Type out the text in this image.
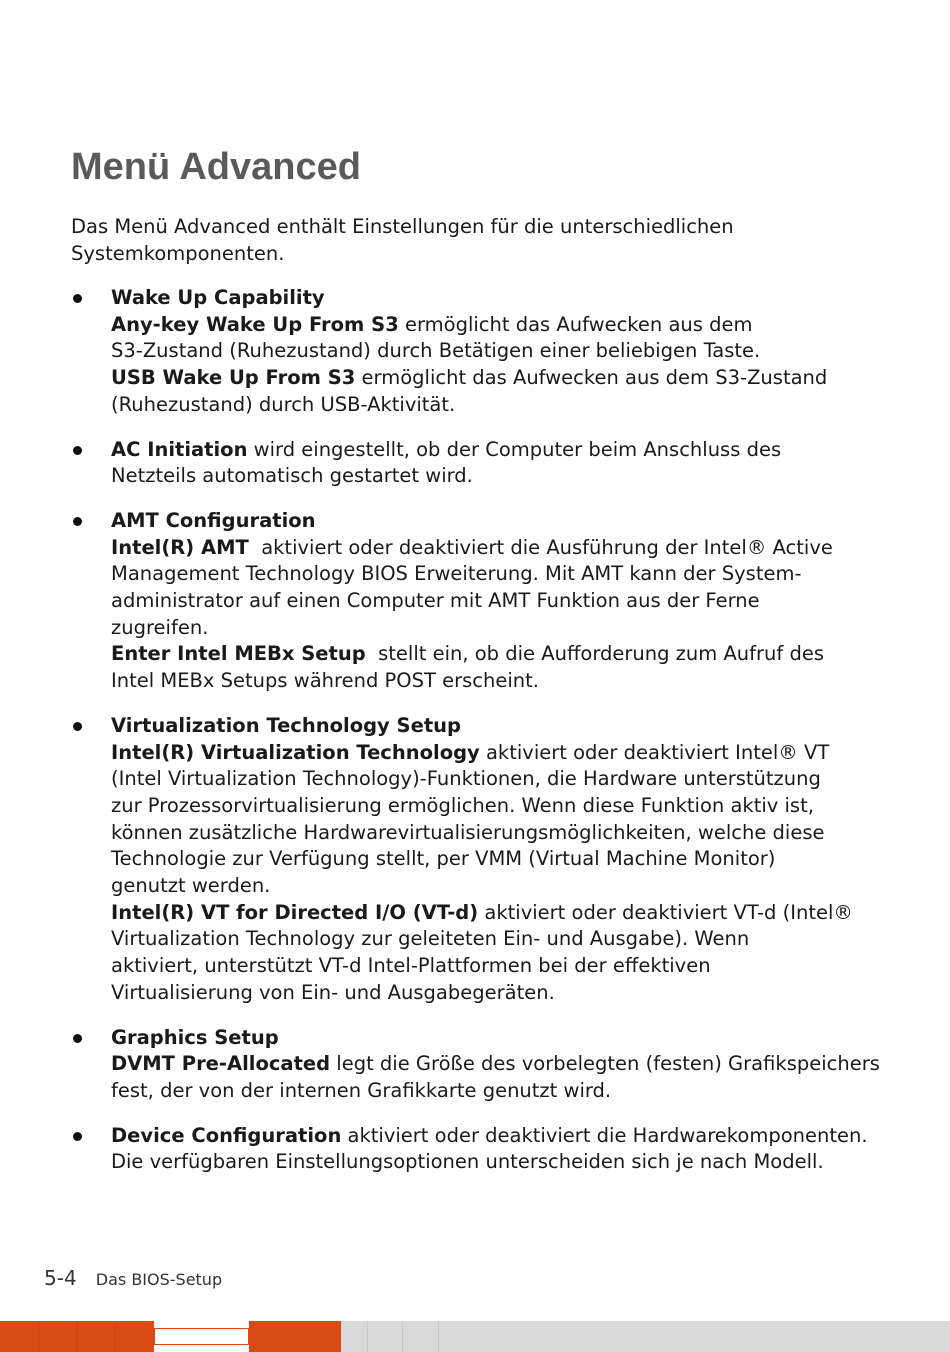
Menü Advanced

Das Menü Advanced enthält Einstellungen für die unterschiedlichen
Systemkomponenten.

Wake Up Capability
Any-key Wake Up From S3 ermöglicht das Aufwecken aus dem
S3-Zustand (Ruhezustand) durch Betätigen einer beliebigen Taste.
USB Wake Up From S3 ermöglicht das Aufwecken aus dem S3-Zustand
(Ruhezustand) durch USB-Aktivität.
AC Initiation wird eingestellt, ob der Computer beim Anschluss des
Netzteils automatisch gestartet wird.
AMT Configuration
Intel(R) AMT  aktiviert oder deaktiviert die Ausführung der Intel® Active
Management Technology BIOS Erweiterung. Mit AMT kann der System-
administrator auf einen Computer mit AMT Funktion aus der Ferne
zugreifen.
Enter Intel MEBx Setup  stellt ein, ob die Aufforderung zum Aufruf des
Intel MEBx Setups während POST erscheint.
Virtualization Technology Setup
Intel(R) Virtualization Technology aktiviert oder deaktiviert Intel® VT
(Intel Virtualization Technology)-Funktionen, die Hardware unterstützung
zur Prozessorvirtualisierung ermöglichen. Wenn diese Funktion aktiv ist,
können zusätzliche Hardwarevirtualisierungsmöglichkeiten, welche diese
Technologie zur Verfügung stellt, per VMM (Virtual Machine Monitor)
genutzt werden.
Intel(R) VT for Directed I/O (VT-d) aktiviert oder deaktiviert VT-d (Intel®
Virtualization Technology zur geleiteten Ein- und Ausgabe). Wenn
aktiviert, unterstützt VT-d Intel-Plattformen bei der effektiven
Virtualisierung von Ein- und Ausgabegeräten.
Graphics Setup
DVMT Pre-Allocated legt die Größe des vorbelegten (festen) Grafikspeichers
fest, der von der internen Grafikkarte genutzt wird.
Device Configuration aktiviert oder deaktiviert die Hardwarekomponenten.
Die verfügbaren Einstellungsoptionen unterscheiden sich je nach Modell.
5-4 Das BIOS-Setup
